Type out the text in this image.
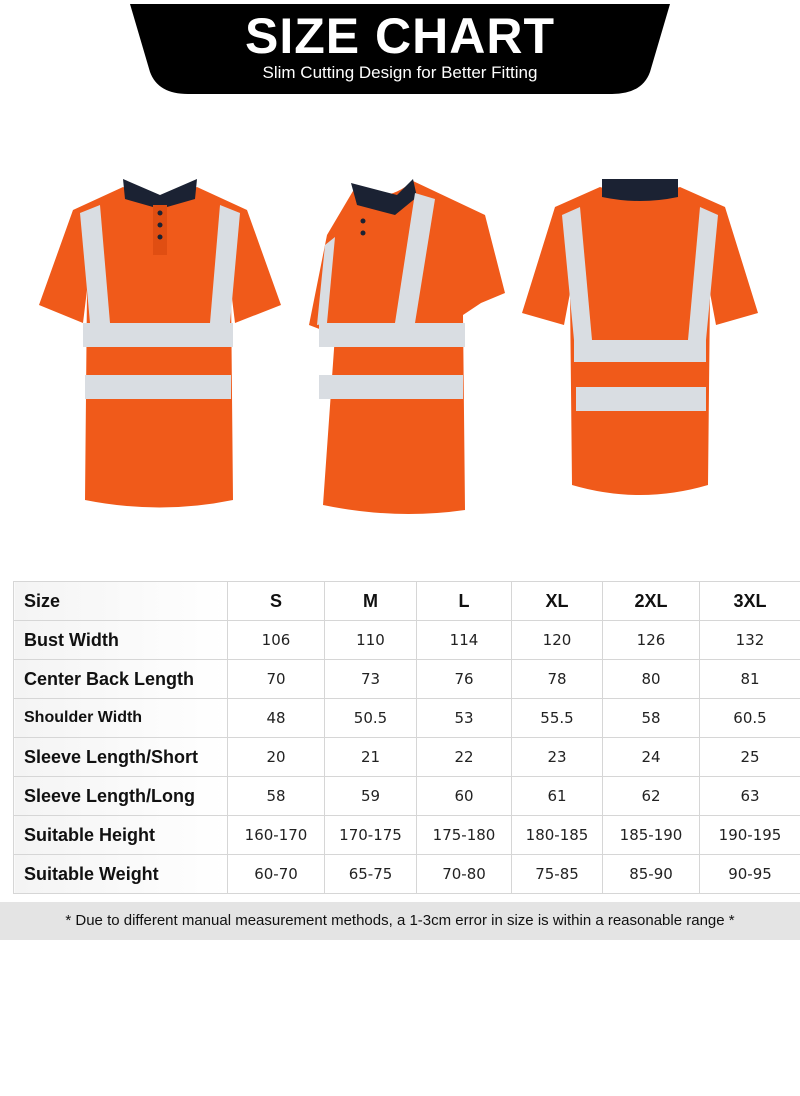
SIZE CHART
Slim Cutting Design for Better Fitting
Size	S	M	L	XL	2XL	3XL
Bust Width	106	110	114	120	126	132
Center Back Length	70	73	76	78	80	81
Shoulder Width	48	50.5	53	55.5	58	60.5
Sleeve Length/Short	20	21	22	23	24	25
Sleeve Length/Long	58	59	60	61	62	63
Suitable Height	160-170	170-175	175-180	180-185	185-190	190-195
Suitable Weight	60-70	65-75	70-80	75-85	85-90	90-95
* Due to different manual measurement methods, a 1-3cm error in size is within a reasonable range *
